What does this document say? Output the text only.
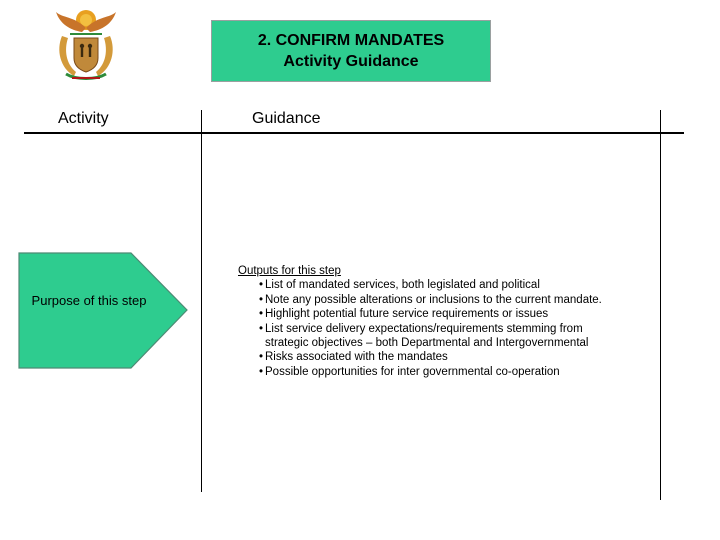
2. CONFIRM MANDATES
Activity Guidance
Activity	Guidance
Purpose of this step
Outputs for this step
• List of mandated services, both legislated and political
• Note any possible alterations or inclusions to the current mandate.
• Highlight potential future service requirements or issues
• List service delivery expectations/requirements stemming from
strategic objectives – both Departmental and Intergovernmental
• Risks associated with the mandates
• Possible opportunities for inter governmental co-operation
